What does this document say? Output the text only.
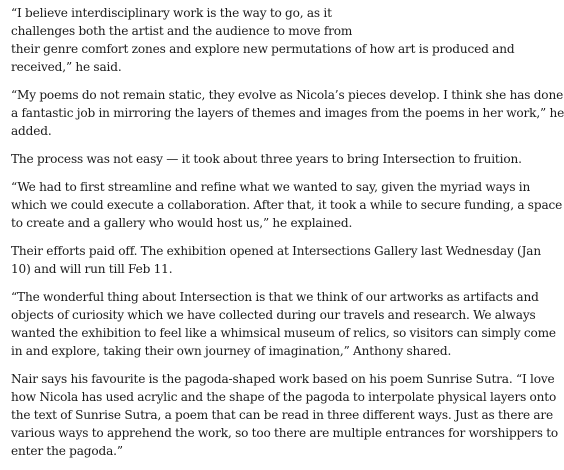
“I believe interdisciplinary work is the way to go, as it
challenges both the artist and the audience to move from
their genre comfort zones and explore new permutations of how art is produced and
received,” he said.

“My poems do not remain static, they evolve as Nicola’s pieces develop. I think she has done
a fantastic job in mirroring the layers of themes and images from the poems in her work,” he
added.

The process was not easy — it took about three years to bring Intersection to fruition.

“We had to first streamline and refine what we wanted to say, given the myriad ways in
which we could execute a collaboration. After that, it took a while to secure funding, a space
to create and a gallery who would host us,” he explained.

Their efforts paid off. The exhibition opened at Intersections Gallery last Wednesday (Jan
10) and will run till Feb 11.

“The wonderful thing about Intersection is that we think of our artworks as artifacts and
objects of curiosity which we have collected during our travels and research. We always
wanted the exhibition to feel like a whimsical museum of relics, so visitors can simply come
in and explore, taking their own journey of imagination,” Anthony shared.

Nair says his favourite is the pagoda-shaped work based on his poem Sunrise Sutra. “I love
how Nicola has used acrylic and the shape of the pagoda to interpolate physical layers onto
the text of Sunrise Sutra, a poem that can be read in three different ways. Just as there are
various ways to apprehend the work, so too there are multiple entrances for worshippers to
enter the pagoda.”
